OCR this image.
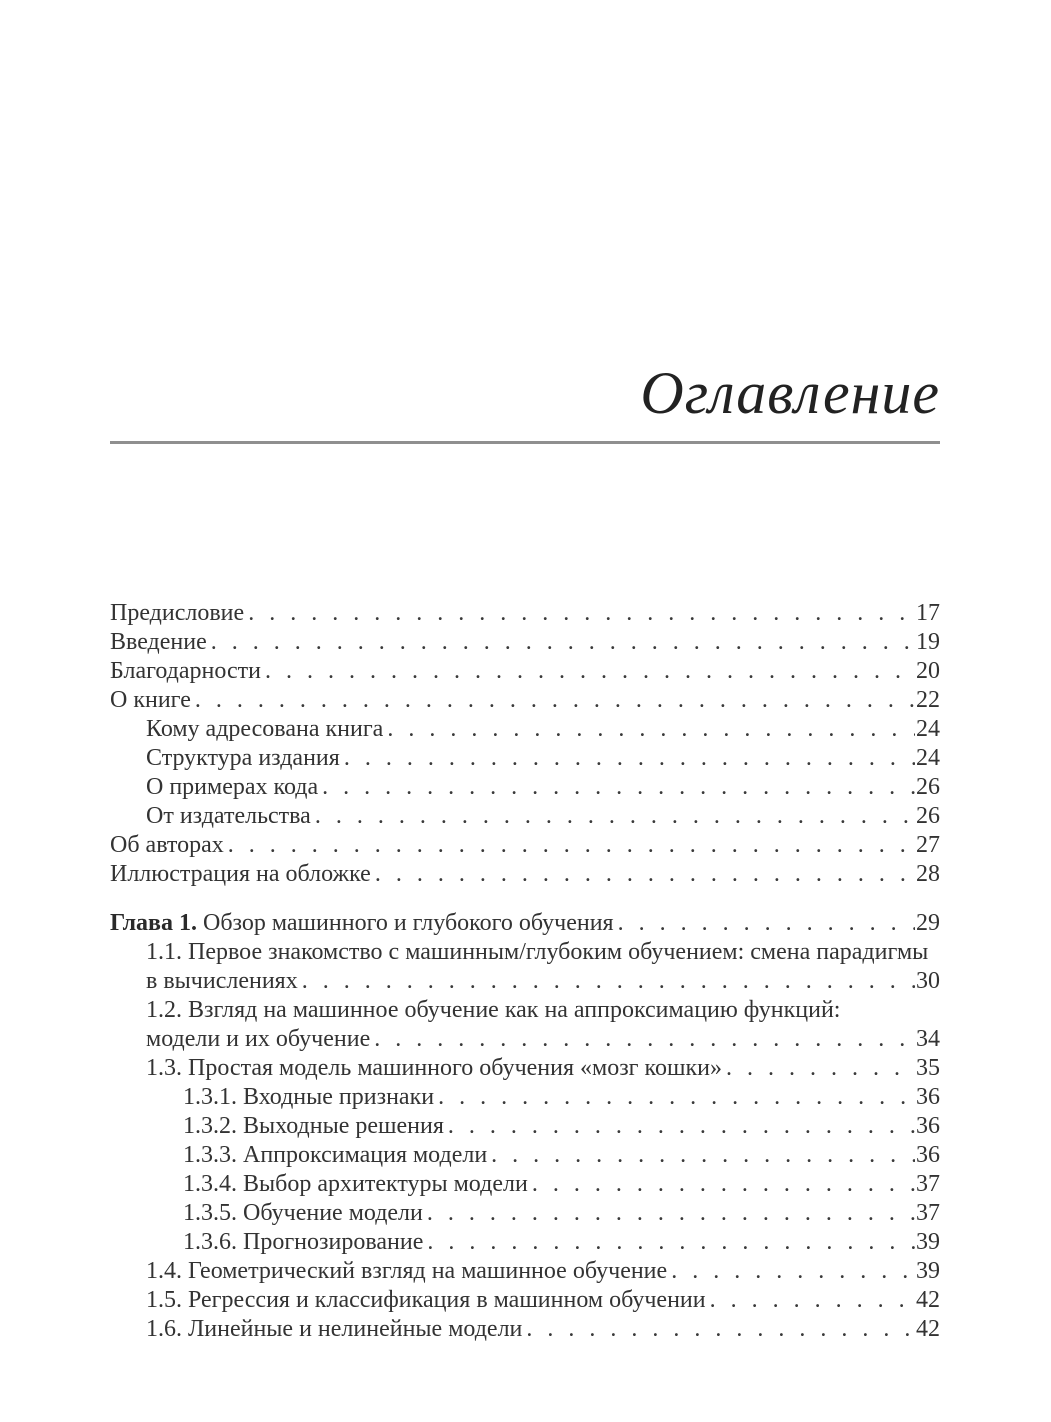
Оглавление
Предисловие . . .	17
Введение . . .	19
Благодарности . . .	20
О книге . . .	22
Кому адресована книга . . .	24
Структура издания . . .	24
О примерах кода . . .	26
От издательства . . .	26
Об авторах . . .	27
Иллюстрация на обложке . . .	28
Глава 1. Обзор машинного и глубокого обучения . . .	29
1.1. Первое знакомство с машинным/глубоким обучением: смена парадигмы
в вычислениях . . .	30
1.2. Взгляд на машинное обучение как на аппроксимацию функций:
модели и их обучение . . .	34
1.3. Простая модель машинного обучения «мозг кошки» . . .	35
1.3.1. Входные признаки . . .	36
1.3.2. Выходные решения . . .	36
1.3.3. Аппроксимация модели . . .	36
1.3.4. Выбор архитектуры модели . . .	37
1.3.5. Обучение модели . . .	37
1.3.6. Прогнозирование . . .	39
1.4. Геометрический взгляд на машинное обучение . . .	39
1.5. Регрессия и классификация в машинном обучении . . .	42
1.6. Линейные и нелинейные модели . . .	42
